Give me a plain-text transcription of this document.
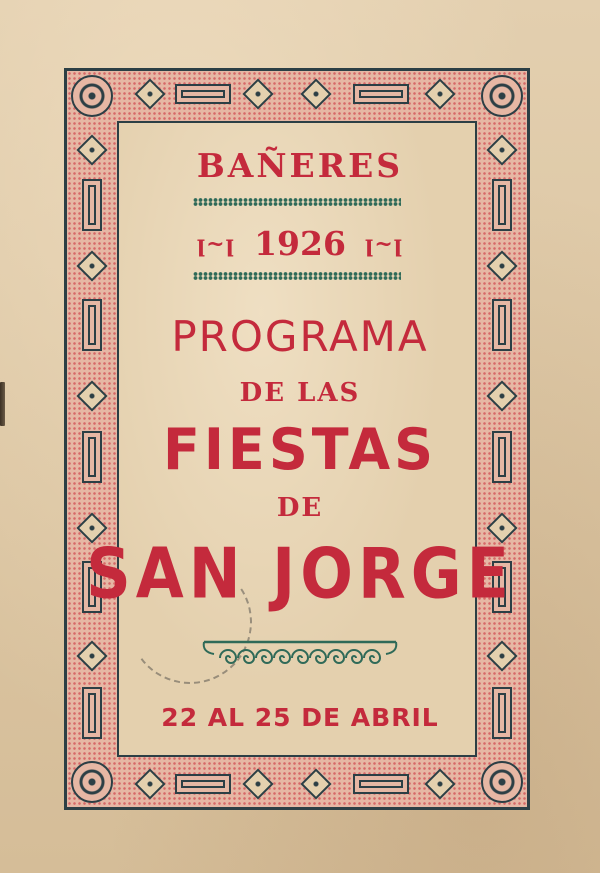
BAÑERES
ꞁ~ꞁ 1926 ꞁ~ꞁ
PROGRAMA
DE LAS
FIESTAS
DE
SAN JORGE
22 AL 25 DE ABRIL
